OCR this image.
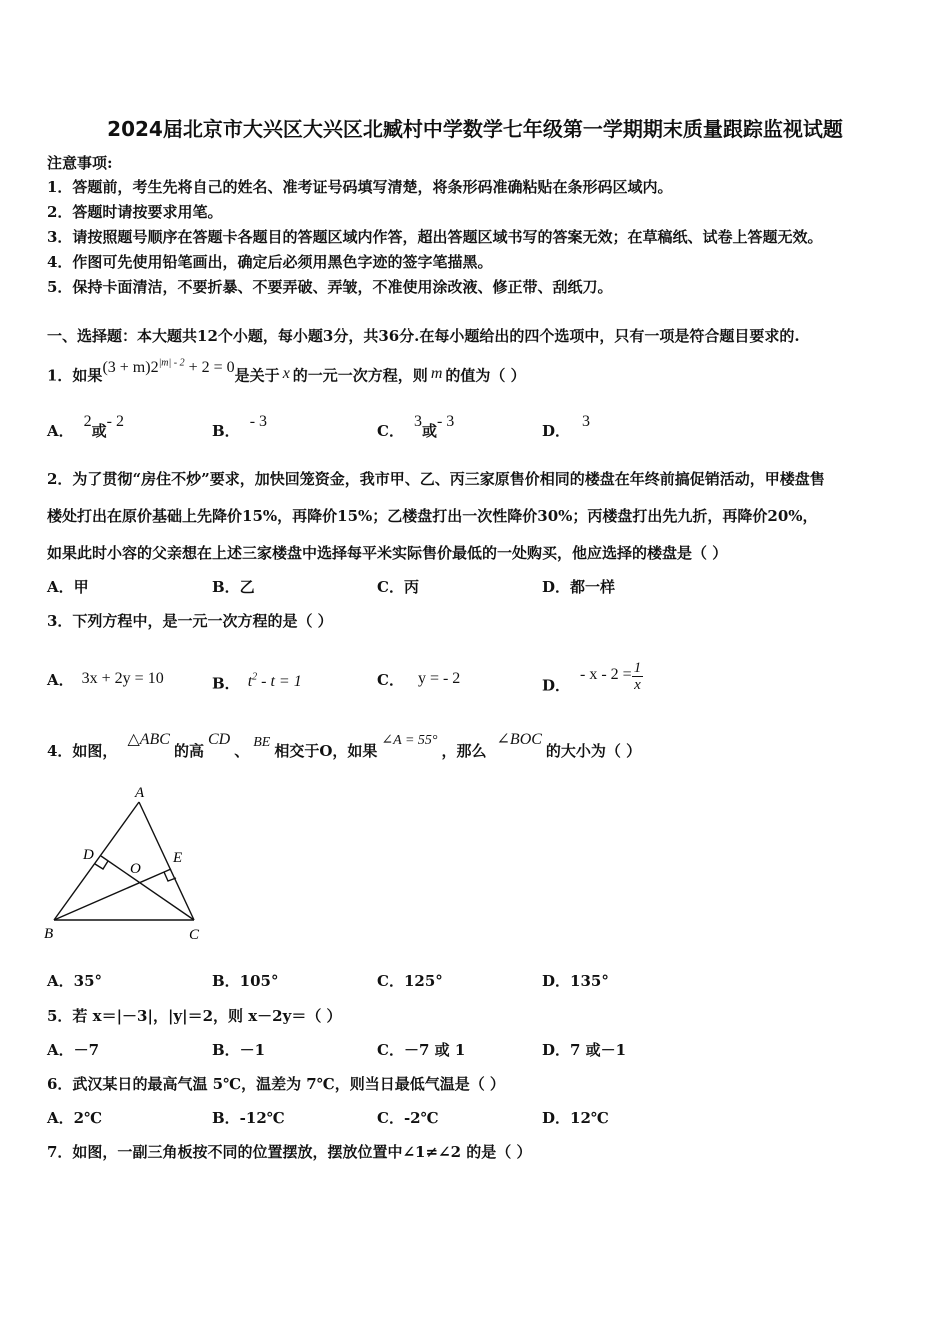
2024届北京市大兴区大兴区北臧村中学数学七年级第一学期期末质量跟踪监视试题
注意事项:
1．答题前，考生先将自己的姓名、准考证号码填写清楚，将条形码准确粘贴在条形码区域内。
2．答题时请按要求用笔。
3．请按照题号顺序在答题卡各题目的答题区域内作答，超出答题区域书写的答案无效；在草稿纸、试卷上答题无效。
4．作图可先使用铅笔画出，确定后必须用黑色字迹的签字笔描黑。
5．保持卡面清洁，不要折暴、不要弄破、弄皱，不准使用涂改液、修正带、刮纸刀。
一、选择题：本大题共12个小题，每小题3分，共36分.在每小题给出的四个选项中，只有一项是符合题目要求的.
1．如果$(3 + m)2^{|m| - 2} + 2 = 0$是关于 x 的一元一次方程，则 m 的值为（ ）
A．2或- 2
B．- 3
C．3或- 3
D．3
2．为了贯彻“房住不炒”要求，加快回笼资金，我市甲、乙、丙三家原售价相同的楼盘在年终前搞促销活动，甲楼盘售
楼处打出在原价基础上先降价15%，再降价15%；乙楼盘打出一次性降价30%；丙楼盘打出先九折，再降价20%，
如果此时小容的父亲想在上述三家楼盘中选择每平米实际售价最低的一处购买，他应选择的楼盘是（ ）
A．甲	B．乙	C．丙	D．都一样
3．下列方程中，是一元一次方程的是（ ）
A． 3x + 2y = 10	B． $t^2 - t = 1$	C． y = - 2	D．- $x - 2 = \frac{1}{x}$
4．如图，△ABC的高CD、 BE 相交于O，如果∠A = 55°，那么∠BOC的大小为（ ）
A
B	C
D	E
O
A．35°	B．105°	C．125°	D．135°
5．若 x＝|－3|，|y|＝2，则 x－2y＝（ ）
A．－7	B．－1	C．－7 或 1	D．7 或－1
6．武汉某日的最高气温 5℃，温差为 7℃，则当日最低气温是（ ）
A．2℃	B．-12℃	C．-2℃	D．12℃
7．如图，一副三角板按不同的位置摆放，摆放位置中∠1≠∠2 的是（ ）
